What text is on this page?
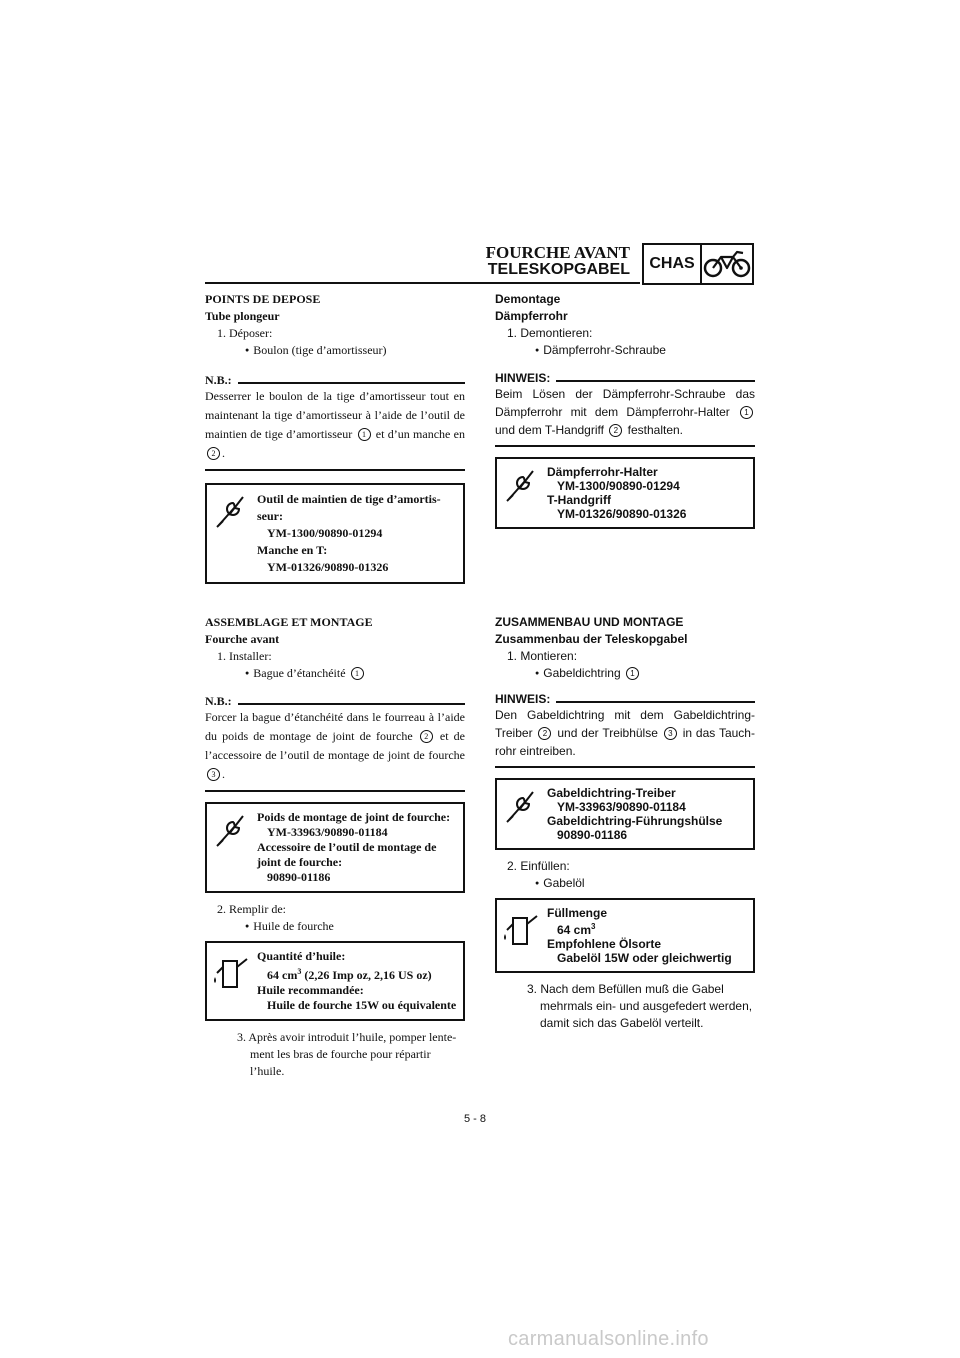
FOURCHE AVANT
TELESKOPGABEL	CHAS
POINTS DE DEPOSE
Tube plongeur
1. Déposer:
● Boulon (tige d’amortisseur)
N.B.:
Desserrer le boulon de la tige d’amortisseur tout en maintenant la tige d’amortisseur à l’aide de l’outil de maintien de tige d’amortisseur 1 et d’un manche en 2 .
Outil de maintien de tige d’amortisseur:
YM-1300/90890-01294
Manche en T:
YM-01326/90890-01326
Demontage
Dämpferrohr
1. Demontieren:
● Dämpferrohr-Schraube
HINWEIS:
Beim Lösen der Dämpferrohr-Schraube das Dämpferrohr mit dem Dämpferrohr-Halter 1 und dem T-Handgriff 2 festhalten.
Dämpferrohr-Halter
YM-1300/90890-01294
T-Handgriff
YM-01326/90890-01326
ASSEMBLAGE ET MONTAGE
Fourche avant
1. Installer:
● Bague d’étanchéité 1
N.B.:
Forcer la bague d’étanchéité dans le fourreau à l’aide du poids de montage de joint de fourche 2 et de l’accessoire de l’outil de montage de joint de fourche 3 .
Poids de montage de joint de fourche:
YM-33963/90890-01184
Accessoire de l’outil de montage de joint de fourche:
90890-01186
2. Remplir de:
● Huile de fourche
Quantité d’huile:
64 $cm^3$ (2,26 Imp oz, 2,16 US oz)
Huile recommandée:
Huile de fourche 15W ou équivalente
3. Après avoir introduit l’huile, pomper lentement les bras de fourche pour répartir l’huile.
ZUSAMMENBAU UND MONTAGE
Zusammenbau der Teleskopgabel
1. Montieren:
● Gabeldichtring 1
HINWEIS:
Den Gabeldichtring mit dem Gabeldichtring-Treiber 2 und der Treibhülse 3 in das Tauchrohr eintreiben.
Gabeldichtring-Treiber
YM-33963/90890-01184
Gabeldichtring-Führungshülse
90890-01186
2. Einfüllen:
● Gabelöl
Füllmenge
64 $cm^3$
Empfohlene Ölsorte
Gabelöl 15W oder gleichwertig
3. Nach dem Befüllen muß die Gabel mehrmals ein- und ausgefedert werden, damit sich das Gabelöl verteilt.
5 - 8
carmanualsonline.info
